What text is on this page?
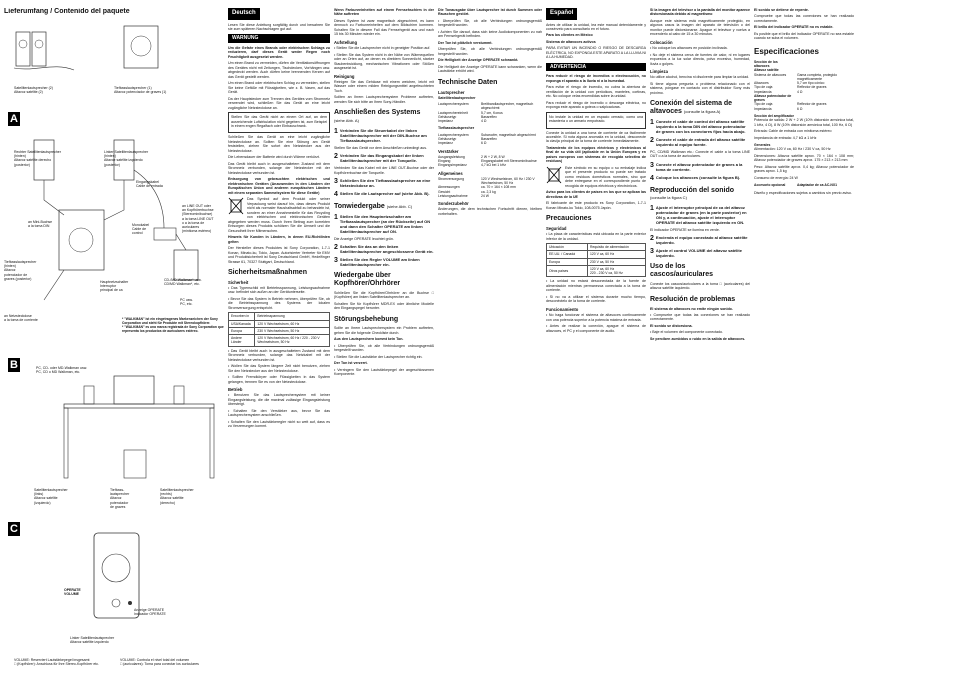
Lieferumfang / Contenido del paquete
Satellitenlautsprecher (2)
Altavoz satélite (2)
Tiefbasslautsprecher (1)
Altavoz potenciador de graves (1)
A
Rechter Satellitenlautsprecher
(hinten)
Altavoz satélite derecho
(posterior)
Linker Satellitenlautsprecher
(hinten)
Altavoz satélite izquierdo
(posterior)
Eingangskabel
Cable de entrada
an Mini-Buchse
a la toma DIN
Tiefbasslautsprecher
(hinten)
Altavoz
potenciador de
graves (posterior)
an Netzsteckdose
a la toma de corriente
Hauptnetzschalter
Interruptor
principal de ca
an LINE OUT oder
an Kopfhörerbuchse
(Stereominibuchse)
a la toma LINE OUT
o a la toma de
auriculares
(minitoma estéreo)
Monokabel
Cable de
control
CD-/MD-Walkman* usw.
CD/MD Walkman*, etc.
PC usw.
PC, etc.
* "WALKMAN" ist ein eingetragenes Markenzeichen der Sony Corporation und steht für Produkte mit Stereokopfhörer.
* "WALKMAN" es una marca registrada de Sony Corporation que representa los productos de auriculares estéreo.
B	PC, CD- oder MD-Walkman usw.
PC, CD o MD Walkman, etc.
Satellitenlautsprecher
(links)
Altavoz satélite
(izquierdo)
Tiefbass-
lautsprecher
Altavoz
potenciador
de graves
Satellitenlautsprecher
(rechts)
Altavoz satélite
(derecho)
C
OPERATE
VOLUME
Anzeige OPERATE
Indicador OPERATE
Linker Satellitenlautsprecher
Altavoz satélite izquierdo
VOLUME: Reserviert Lautstärkepegel insgesamt
□ (Kopfhörer): Anschluss für Ihre Stereo-Kopfhörer etc.
VOLUME: Controla el nivel total del volumen
□ (auriculares): Toma para conectar los auriculares
Deutsch

Lesen Sie diese Anleitung sorgfältig durch und bewahren Sie sie zum späteren Nachschlagen gut auf.

WARNUNG

Um die Gefahr eines Brands oder elektrischen Schlags zu reduzieren, darf dieses Gerät weder Regen noch Feuchtigkeit ausgesetzt werden.

Um einen Brand zu vermeiden, dürfen die Ventilationsöffnungen des Gerätes nicht mit Zeitungen, Tischdecken, Vorhängen usw. abgedeckt werden. Auch dürfen keine brennenden Kerzen auf das Gerät gestellt werden.

Um einen Brand oder elektrischen Schlag zu vermeiden, stellen Sie keine Gefäße mit Flüssigkeiten, wie z. B. Vasen, auf das Gerät.

Da der Hauptstecker zum Trennen des Gerätes vom Stromnetz verwendet wird, schließen Sie das Gerät an eine leicht zugängliche Netzsteckdose an.

Stellen Sie das Gerät nicht an einem Ort auf, an dem ausreichende Luftzirkulation nicht gegeben ist, zum Beispiel in einem engen Regalfach oder Einbauschrank.

Schließen Sie das Gerät an eine leicht zugängliche Netzsteckdose an. Sollten Sie eine Störung am Gerät feststellen, ziehen Sie sofort den Netzstecker aus der Netzsteckdose.

Die Lebensdauer der Batterie wird durch Wärme verkürzt.

Das Gerät bleibt auch in ausgeschaltetem Zustand mit dem Stromnetz verbunden, solange der Netzstecker mit der Netzsteckdose verbunden ist.

Entsorgung von gebrauchten elektrischen und elektronischen Geräten (Anzuwenden in den Ländern der Europäischen Union und anderen europäischen Ländern mit einem separaten Sammelsystem für diese Geräte)

Das Symbol auf dem Produkt oder seiner Verpackung weist darauf hin, dass dieses Produkt nicht als normaler Haushaltsabfall zu behandeln ist, sondern an einer Annahmestelle für das Recycling von elektrischen und elektronischen Geräten abgegeben werden muss. Durch Ihren Beitrag zum korrekten Entsorgen dieses Produkts schützen Sie die Umwelt und die Gesundheit Ihrer Mitmenschen.

Hinweis für Kunden in Ländern, in denen EU-Richtlinien gelten

Der Hersteller dieses Produktes ist Sony Corporation, 1-7-1 Konan, Minato-ku, Tokio, Japan. Autorisierter Vertreter für EMV und Produktsicherheit ist Sony Deutschland GmbH, Hedelfinger Strasse 61, 70327 Stuttgart, Deutschland.

Sicherheitsmaßnahmen
Sicherheit

• Das Typenschild mit Betriebsspannung, Leistungsaufnahme usw. befindet sich außen an der Gerätunterseite.

• Bevor Sie das System in Betrieb nehmen, überprüfen Sie, ob die Betriebsspannung des Systems der lokalen Stromversorgung entspricht.

Erworben in	Betriebsspannung
USA/Kanada	120 V Wechselstrom, 60 Hz
Europa	230 V Wechselstrom, 50 Hz
Andere Länder	120 V Wechselstrom, 60 Hz / 220 - 230 V Wechselstrom, 50 Hz

• Das Gerät bleibt auch in ausgeschaltetem Zustand mit dem Stromnetz verbunden, solange das Netzkabel mit der Netzsteckdose verbunden ist.

• Wollen Sie das System längere Zeit nicht benutzen, ziehen Sie den Netzstecker aus der Netzsteckdose.

• Sollten Fremdkörper oder Flüssigkeiten in das System gelangen, trennen Sie es von der Netzsteckdose.

Betrieb

• Benutzen Sie das Lautsprechersystem mit keiner Eingangsleistung, die die maximal zulässige Eingangsleistung übersteigt.

• Schalten Sie den Verstärker aus, bevor Sie das Lautsprechersystem anschließen.

• Schalten Sie den Lautstärkeregler nicht so weit auf, dass es zu Verzerrungen kommt.

Wenn Farbunreinheiten auf einem Fernsehschirm in der Nähe auftreten

Dieses System ist zwar magnetisch abgeschirmt, es kann dennoch zu Farbunreinheiten auf dem Bildschirm kommen. Schalten Sie in diesem Fall das Fernsehgerät aus und nach 15 bis 30 Minuten wieder ein.

Aufstellung

• Stellen Sie die Lautsprecher nicht in geneigter Position auf.

• Stellen Sie das System nicht in der Nähe von Wärmequellen oder an Orten auf, an denen es direktem Sonnenlicht, starker Staubentwicklung, mechanischen Vibrationen oder Stößen ausgesetzt ist.

Reinigung

Reinigen Sie das Gehäuse mit einem weichen, leicht mit Wasser oder einem milden Reinigungsmittel angefeuchteten Tuch.

Sollten an Ihrem Lautsprechersystem Probleme auftreten, wenden Sie sich bitte an Ihren Sony-Händler.

Anschließen des Systems
(siehe Abb. A)
1 Verbinden Sie die Steuerkabel der linken Satellitenlautsprecher mit der DIN-Buchse am Tiefbasslautsprecher.

Stellen Sie das Gerät vor dem Anschließen unbedingt aus.

2 Verbinden Sie das Eingangskabel der linken Satellitenlautsprecher mit der Tonquelle.

Verbinden Sie das Kabel mit der LINE OUT-Buchse oder der Kopfhörerbuchse der Tonquelle.

3 Schließen Sie den Tiefbasslautsprecher an eine Netzsteckdose an.
4 Stellen Sie die Lautsprecher auf (siehe Abb. B).
Tonwiedergabe (siehe Abb. C)
1 Stellen Sie den Hauptnetzschalter am Tiefbasslautsprecher (an der Rückseite) auf ON und dann den Schalter OPERATE am linken Satellitenlautsprecher auf ON.

Die Anzeige OPERATE leuchtet grün.

2 Schalten Sie das an den linken Satellitenlautsprecher angeschlossene Gerät ein.
3 Stellen Sie den Regler VOLUME am linken Satellitenlautsprecher ein.
Wiedergabe über Kopfhörer/Ohrhörer

Schließen Sie die Kopfhörer/Ohrhörer an die Buchse □ (Kopfhörer) am linken Satellitenlautsprecher an.

Schalten Sie für Kopfhörer MDR-EX oder ähnliche Modelle den Eingangspegel herunter.

Störungsbehebung

Sollte an Ihrem Lautsprechersystem ein Problem auftreten, gehen Sie die folgende Checkliste durch.

Aus den Lautsprechern kommt kein Ton.

• Überprüfen Sie, ob alle Verbindungen ordnungsgemäß hergestellt wurden.

• Stellen Sie die Lautstärke der Lautsprecher richtig ein.

Der Ton ist verzerrt.

• Verringern Sie den Lautstärkepegel der angeschlossenen Komponente.

Die Tonausgabe über Lautsprecher ist durch Summen oder Rauschen gestört.

• Überprüfen Sie, ob alle Verbindungen ordnungsgemäß hergestellt wurden.

• Achten Sie darauf, dass sich keine Audiokomponenten zu nah am Fernsehgerät befinden.

Der Ton ist plötzlich verstummt.

Überprüfen Sie, ob alle Verbindungen ordnungsgemäß hergestellt wurden.

Die Helligkeit der Anzeige OPERATE schwankt.

Die Helligkeit der Anzeige OPERATE kann schwanken, wenn die Lautstärke erhöht wird.

Technische Daten
Lautsprecher

Satellitenlautsprecher

Lautsprechersystem	Breitbandlautsprecher, magnetisch abgeschirmt
Lautsprechereinheit	5,7 cm, Konus
Gehäusetyp	Bassreflex
Impedanz	4 Ω

Tiefbasslautsprecher

Lautsprechersystem	Subwoofer, magnetisch abgeschirmt
Gehäusetyp	Bassreflex
Impedanz	6 Ω
Verstärker
Ausgangsleistung	2 W + 2 W, 8 W
Eingang	Eingangskabel mit Stereominibuchse
Eingangsimpedanz	4,7 kΩ bei 1 kHz
Allgemeines
Stromversorgung	120 V Wechselstrom, 60 Hz / 230 V Wechselstrom, 50 Hz
Abmessungen	ca. 70 × 164 × 108 mm
Gewicht	ca. 2,3 kg
Leistungsaufnahme	24 W
Sonderzubehör

Änderungen, die dem technischen Fortschritt dienen, bleiben vorbehalten.

Español

Antes de utilizar la unidad, lea este manual detenidamente y consérvelo para consultarlo en el futuro.

Para los clientes en México

Sistema de altavoces activos

PARA EVITAR UN INCENDIO O RIESGO DE DESCARGA ELÉCTRICA, NO EXPONGA ESTE APARATO A LA LLUVIA NI A LA HUMEDAD.

ADVERTENCIA

Para reducir el riesgo de incendios o electrocución, no exponga el aparato a la lluvia ni a la humedad.

Para evitar el riesgo de incendio, no cubra la abertura de ventilación de la unidad con periódicos, manteles, cortinas, etc. No coloque velas encendidas sobre la unidad.

Para reducir el riesgo de incendio o descarga eléctrica, no exponga este aparato a goteos o salpicaduras.

No instale la unidad en un espacio cerrado, como una estantería o un armario empotrado.

Conecte la unidad a una toma de corriente de ca fácilmente accesible. Si nota alguna anomalía en la unidad, desconecte la clavija principal de la toma de corriente inmediatamente.

Tratamiento de los equipos eléctricos y electrónicos al final de su vida útil (aplicable en la Unión Europea y en países europeos con sistemas de recogida selectiva de residuos)

Este símbolo en su equipo o su embalaje indica que el presente producto no puede ser tratado como residuos domésticos normales, sino que debe entregarse en el correspondiente punto de recogida de equipos eléctricos y electrónicos.

Aviso para los clientes de países en los que se aplican las directivas de la UE

El fabricante de este producto es Sony Corporation, 1-7-1 Konan Minato-ku Tokio, 108-0075 Japón.

Precauciones
Seguridad

• La placa de características está ubicada en la parte exterior inferior de la unidad.

Ubicación	Requisito de alimentación
EE.UU. / Canadá	120 V ca, 60 Hz
Europa	230 V ca, 50 Hz
Otros países	120 V ca, 60 Hz
220 - 230 V ca, 50 Hz

• La unidad no estará desconectada de la fuente de alimentación mientras permanezca conectada a la toma de corriente.

• Si no va a utilizar el sistema durante mucho tiempo, desconéctelo de la toma de corriente.

Funcionamiento

• No haga funcionar el sistema de altavoces continuamente con una potencia superior a la potencia máxima de entrada.

• Antes de realizar la conexión, apague el sistema de altavoces, el PC y el componente de audio.

Si la imagen del televisor o la pantalla del monitor aparece distorsionada debido al magnetismo

Aunque este sistema está magnéticamente protegido, en algunos casos la imagen del aparato de televisión o del monitor puede distorsionarse. Apague el televisor y vuelva a encenderlo al cabo de 15 a 30 minutos.

Colocación

• No coloque los altavoces en posición inclinada.

• No deje el sistema cerca de fuentes de calor, ni en lugares expuestos a la luz solar directa, polvo excesivo, humedad, lluvia o golpes.

Limpieza

No utilice alcohol, bencina ni disolvente para limpiar la unidad.

Si tiene alguna pregunta o problema relacionado con el sistema, póngase en contacto con el distribuidor Sony más próximo.

Conexión del sistema de altavoces (consulte la figura A)
1 Conecte el cable de control del altavoz satélite izquierdo a la toma DIN del altavoz potenciador de graves con los conectores fijos hacia abajo.
2 Conecte el cable de entrada del altavoz satélite izquierdo al equipo fuente.

PC, CD/MD Walkman etc.: Conecte el cable a la toma LINE OUT o a la toma de auriculares.

3 Conecte el altavoz potenciador de graves a la toma de corriente.
4 Coloque los altavoces (consulte la figura B).
Reproducción del sonido
(consulte la figura C)
1 Ajuste el interruptor principal de ca del altavoz potenciador de graves (en la parte posterior) en ON y, a continuación, ajuste el interruptor OPERATE del altavoz satélite izquierdo en ON.

El indicador OPERATE se ilumina en verde.

2 Encienda el equipo conectado al altavoz satélite izquierdo.
3 Ajuste el control VOLUME del altavoz satélite izquierdo.
Uso de los cascos/auriculares

Conecte los cascos/auriculares a la toma □ (auriculares) del altavoz satélite izquierdo.

Resolución de problemas

El sistema de altavoces no emite ningún sonido.

• Compruebe que todas las conexiones se han realizado correctamente.

El sonido se distorsiona.

• Baje el volumen del componente conectado.

Se perciben zumbidos o ruido en la salida de altavoces.

El sonido se detiene de repente.

Compruebe que todas las conexiones se han realizado correctamente.

El brillo del indicador OPERATE no es estable.

Es posible que el brillo del indicador OPERATE no sea estable cuando se suba el volumen.

Especificaciones
Sección de los altavoces
Altavoz satélite
Sistema de altavoces	Gama completa, protegido magnéticamente
Altavoces	5,7 cm tipo cónico
Tipo de caja	Reflector de graves
Impedancia	4 Ω
Altavoz potenciador de graves
Tipo de caja	Reflector de graves
Impedancia	6 Ω
Sección del amplificador

Potencia de salida: 2 W + 2 W (10% distorsión armónica total, 1 kHz, 4 Ω), 8 W (10% distorsión armónica total, 100 Hz, 6 Ω)

Entrada: Cable de entrada con minitoma estéreo

Impedancia de entrada: 4,7 kΩ a 1 kHz

Generales

Alimentación: 120 V ca, 60 Hz / 230 V ca, 50 Hz

Dimensiones: Altavoz satélite aprox. 70 × 164 × 108 mm; Altavoz potenciador de graves aprox. 175 × 213 × 213 mm

Peso: Altavoz satélite aprox. 0,4 kg; Altavoz potenciador de graves aprox. 1,5 kg

Consumo de energía: 24 W

Accesorio opcional	Adaptador de ca AC-NX1

Diseño y especificaciones sujetos a cambios sin previo aviso.
